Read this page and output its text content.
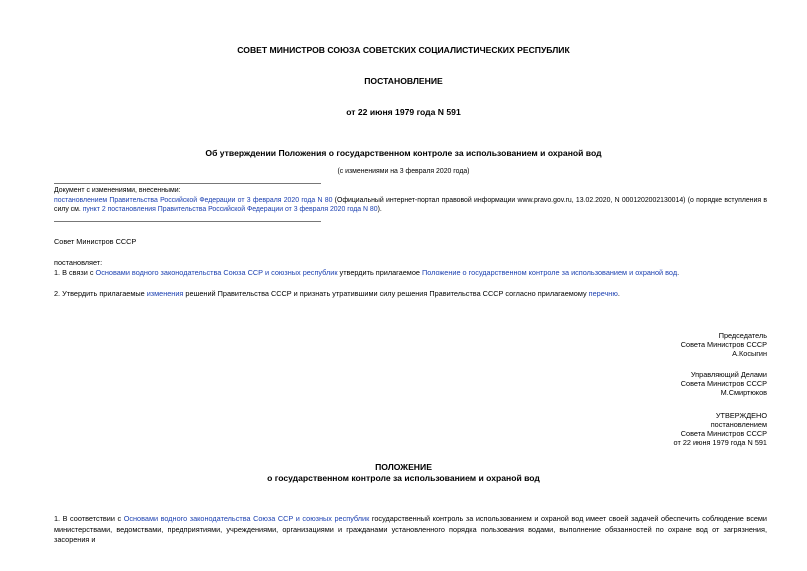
СОВЕТ МИНИСТРОВ СОЮЗА СОВЕТСКИХ СОЦИАЛИСТИЧЕСКИХ РЕСПУБЛИК
ПОСТАНОВЛЕНИЕ
от 22 июня 1979 года N 591
Об утверждении Положения о государственном контроле за использованием и охраной вод
(с изменениями на 3 февраля 2020 года)
Документ с изменениями, внесенными:
постановлением Правительства Российской Федерации от 3 февраля 2020 года N 80 (Официальный интернет-портал правовой информации www.pravo.gov.ru, 13.02.2020, N 0001202002130014) (о порядке вступления в силу см. пункт 2 постановления Правительства Российской Федерации от 3 февраля 2020 года N 80).
Совет Министров СССР
постановляет:
1. В связи с Основами водного законодательства Союза ССР и союзных республик утвердить прилагаемое Положение о государственном контроле за использованием и охраной вод.
2. Утвердить прилагаемые изменения решений Правительства СССР и признать утратившими силу решения Правительства СССР согласно прилагаемому перечню.
Председатель
Совета Министров СССР
А.Косыгин
Управляющий Делами
Совета Министров СССР
М.Смиртюков
УТВЕРЖДЕНО
постановлением
Совета Министров СССР
от 22 июня 1979 года N 591
ПОЛОЖЕНИЕ
о государственном контроле за использованием и охраной вод
1. В соответствии с Основами водного законодательства Союза ССР и союзных республик государственный контроль за использованием и охраной вод имеет своей задачей обеспечить соблюдение всеми министерствами, ведомствами, предприятиями, учреждениями, организациями и гражданами установленного порядка пользования водами, выполнение обязанностей по охране вод от загрязнения, засорения и
